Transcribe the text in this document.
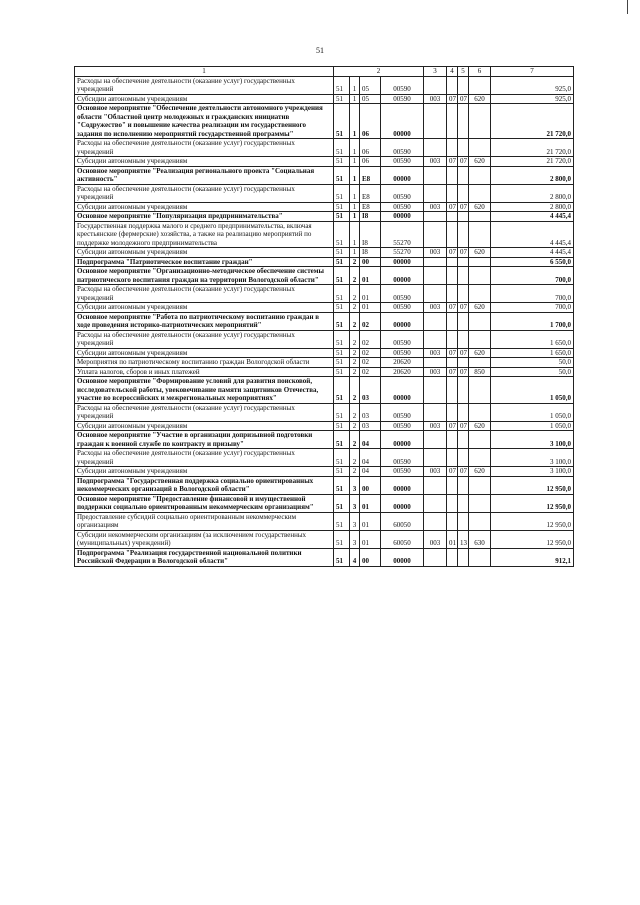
51
1	2				3	4	5	6	7
Расходы на обеспечение деятельности (оказание услуг) государственных учреждений	51	1	05	00590					925,0
Субсидии автономным учреждениям	51	1	05	00590	003	07	07	620	925,0
Основное мероприятие "Обеспечение деятельности автономного учреждения области "Областной центр молодежных и гражданских инициатив "Содружество" и повышение качества реализации им государственного задания по исполнению мероприятий государственной программы"	51	1	06	00000					21 720,0
Расходы на обеспечение деятельности (оказание услуг) государственных учреждений	51	1	06	00590					21 720,0
Субсидии автономным учреждениям	51	1	06	00590	003	07	07	620	21 720,0
Основное мероприятие "Реализация регионального проекта "Социальная активность"	51	1	E8	00000					2 800,0
Расходы на обеспечение деятельности (оказание услуг) государственных учреждений	51	1	E8	00590					2 800,0
Субсидии автономным учреждениям	51	1	E8	00590	003	07	07	620	2 800,0
Основное мероприятие "Популяризация предпринимательства"	51	1	I8	00000					4 445,4
Государственная поддержка малого и среднего предпринимательства, включая крестьянские (фермерские) хозяйства, а также на реализацию мероприятий по поддержке молодежного предпринимательства	51	1	I8	55270					4 445,4
Субсидии автономным учреждениям	51	1	I8	55270	003	07	07	620	4 445,4
Подпрограмма "Патриотическое воспитание граждан"	51	2	00	00000					6 550,0
Основное мероприятие "Организационно-методическое обеспечение системы патриотического воспитания граждан на территории Вологодской области"	51	2	01	00000					700,0
Расходы на обеспечение деятельности (оказание услуг) государственных учреждений	51	2	01	00590					700,0
Субсидии автономным учреждениям	51	2	01	00590	003	07	07	620	700,0
Основное мероприятие "Работа по патриотическому воспитанию граждан в ходе проведения историко-патриотических мероприятий"	51	2	02	00000					1 700,0
Расходы на обеспечение деятельности (оказание услуг) государственных учреждений	51	2	02	00590					1 650,0
Субсидии автономным учреждениям	51	2	02	00590	003	07	07	620	1 650,0
Мероприятия по патриотическому воспитанию граждан Вологодской области	51	2	02	20620					50,0
Уплата налогов, сборов и иных платежей	51	2	02	20620	003	07	07	850	50,0
Основное мероприятие "Формирование условий для развития поисковой, исследовательской работы, увековечивание памяти защитников Отечества, участие во всероссийских и межрегиональных мероприятиях"	51	2	03	00000					1 050,0
Расходы на обеспечение деятельности (оказание услуг) государственных учреждений	51	2	03	00590					1 050,0
Субсидии автономным учреждениям	51	2	03	00590	003	07	07	620	1 050,0
Основное мероприятие "Участие в организации допризывной подготовки граждан к военной службе по контракту и призыву"	51	2	04	00000					3 100,0
Расходы на обеспечение деятельности (оказание услуг) государственных учреждений	51	2	04	00590					3 100,0
Субсидии автономным учреждениям	51	2	04	00590	003	07	07	620	3 100,0
Подпрограмма "Государственная поддержка социально ориентированных некоммерческих организаций в Вологодской области"	51	3	00	00000					12 950,0
Основное мероприятие "Предоставление финансовой и имущественной поддержки социально ориентированным некоммерческим организациям"	51	3	01	00000					12 950,0
Предоставление субсидий социально ориентированным некоммерческим организациям	51	3	01	60050					12 950,0
Субсидии некоммерческим организациям (за исключением государственных (муниципальных) учреждений)	51	3	01	60050	003	01	13	630	12 950,0
Подпрограмма "Реализация государственной национальной политики Российской Федерации в Вологодской области"	51	4	00	00000					912,1
